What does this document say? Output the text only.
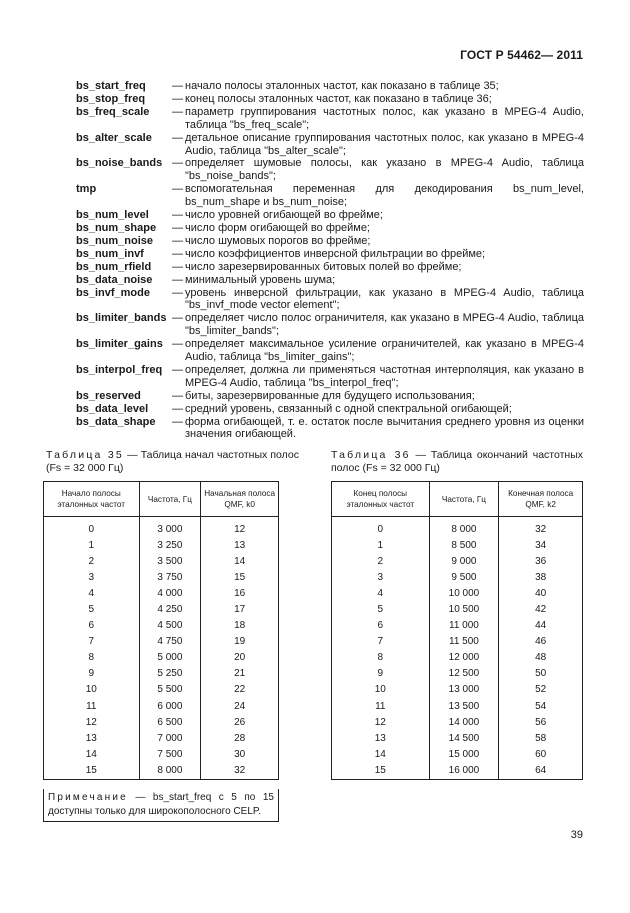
ГОСТ Р 54462— 2011
bs_start_freq	— начало полосы эталонных частот, как показано в таблице 35;
bs_stop_freq	— конец полосы эталонных частот, как показано в таблице 36;
bs_freq_scale	— параметр группирования частотных полос, как указано в MPEG-4 Audio, таблица "bs_freq_scale";
bs_alter_scale	— детальное описание группирования частотных полос, как указано в MPEG-4 Audio, таблица "bs_alter_scale";
bs_noise_bands — определяет шумовые полосы, как указано в MPEG-4 Audio, таблица "bs_noise_bands";
tmp	— вспомогательная переменная для декодирования bs_num_level, bs_num_shape и bs_num_noise;
bs_num_level	— число уровней огибающей во фрейме;
bs_num_shape	— число форм огибающей во фрейме;
bs_num_noise	— число шумовых порогов во фрейме;
bs_num_invf	— число коэффициентов инверсной фильтрации во фрейме;
bs_num_rfield	— число зарезервированных битовых полей во фрейме;
bs_data_noise	— минимальный уровень шума;
bs_invf_mode	— уровень инверсной фильтрации, как указано в MPEG-4 Audio, таблица "bs_invf_mode vector element";
bs_limiter_bands — определяет число полос ограничителя, как указано в MPEG-4 Audio, таблица "bs_limiter_bands";
bs_limiter_gains — определяет максимальное усиление ограничителей, как указано в MPEG-4 Audio, таблица "bs_limiter_gains";
bs_interpol_freq — определяет, должна ли применяться частотная интерполяция, как указано в MPEG-4 Audio, таблица "bs_interpol_freq";
bs_reserved	— биты, зарезервированные для будущего использования;
bs_data_level	— средний уровень, связанный с одной спектральной огибающей;
bs_data_shape	— форма огибающей, т. е. остаток после вычитания среднего уровня из оценки значения огибающей.
Таблица 35 — Таблица начал частотных полос (Fs = 32 000 Гц)
Таблица 36 — Таблица окончаний частотных полос (Fs = 32 000 Гц)
Начало полосы эталонных частот	Частота, Гц	Начальная полоса QMF, k0

0	3 000	12
1	3 250	13
2	3 500	14
3	3 750	15
4	4 000	16
5	4 250	17
6	4 500	18
7	4 750	19
8	5 000	20
9	5 250	21
10	5 500	22
11	6 000	24
12	6 500	26
13	7 000	28
14	7 500	30
15	8 000	32
Примечание — bs_start_freq с 5 по 15 доступны только для широкополосного CELP.
Конец полосы эталонных частот	Частота, Гц	Конечная полоса QMF, k2

0	8 000	32
1	8 500	34
2	9 000	36
3	9 500	38
4	10 000	40
5	10 500	42
6	11 000	44
7	11 500	46
8	12 000	48
9	12 500	50
10	13 000	52
11	13 500	54
12	14 000	56
13	14 500	58
14	15 000	60
15	16 000	64
39
